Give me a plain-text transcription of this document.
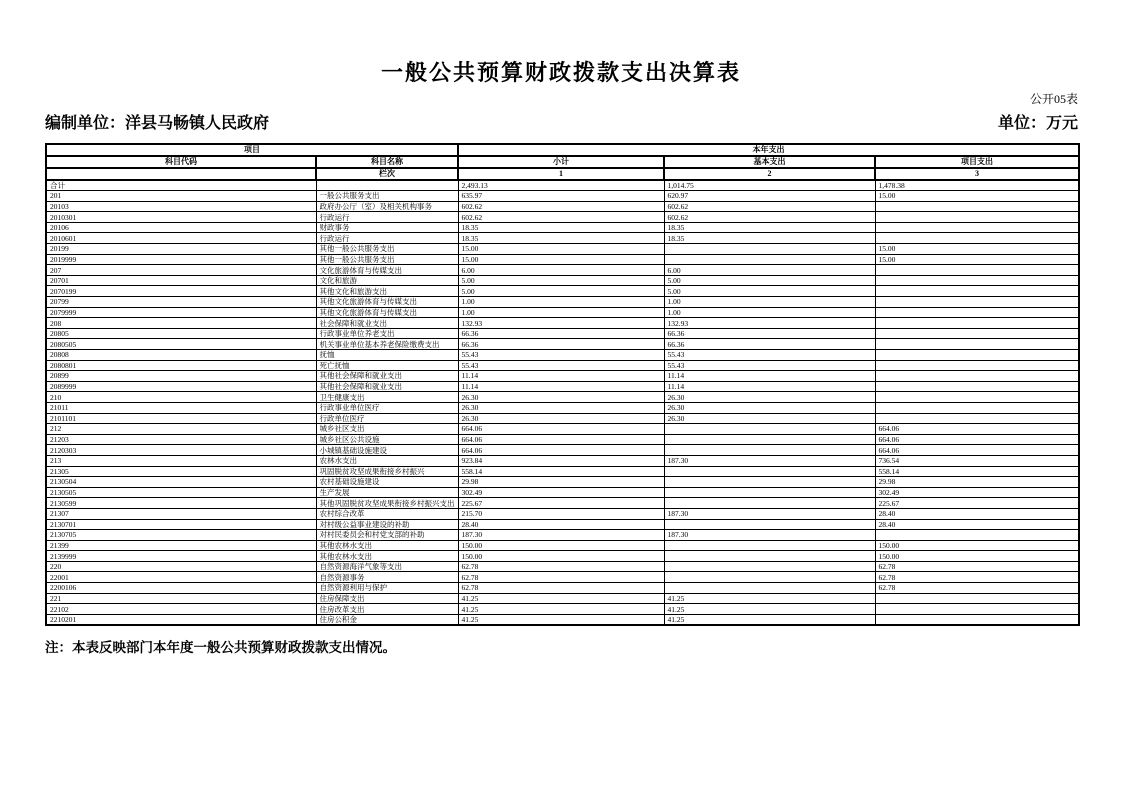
一般公共预算财政拨款支出决算表
公开05表
编制单位：洋县马畅镇人民政府	单位：万元
项目		本年支出		
科目代码	科目名称	小计	基本支出	项目支出
	栏次	1	2	3
合计		2,493.13	1,014.75	1,478.38
201	一般公共服务支出	635.97	620.97	15.00
20103	政府办公厅（室）及相关机构事务	602.62	602.62	
2010301	行政运行	602.62	602.62	
20106	财政事务	18.35	18.35	
2010601	行政运行	18.35	18.35	
20199	其他一般公共服务支出	15.00		15.00
2019999	其他一般公共服务支出	15.00		15.00
207	文化旅游体育与传媒支出	6.00	6.00	
20701	文化和旅游	5.00	5.00	
2070199	其他文化和旅游支出	5.00	5.00	
20799	其他文化旅游体育与传媒支出	1.00	1.00	
2079999	其他文化旅游体育与传媒支出	1.00	1.00	
208	社会保障和就业支出	132.93	132.93	
20805	行政事业单位养老支出	66.36	66.36	
2080505	机关事业单位基本养老保险缴费支出	66.36	66.36	
20808	抚恤	55.43	55.43	
2080801	死亡抚恤	55.43	55.43	
20899	其他社会保障和就业支出	11.14	11.14	
2089999	其他社会保障和就业支出	11.14	11.14	
210	卫生健康支出	26.30	26.30	
21011	行政事业单位医疗	26.30	26.30	
2101101	行政单位医疗	26.30	26.30	
212	城乡社区支出	664.06		664.06
21203	城乡社区公共设施	664.06		664.06
2120303	小城镇基础设施建设	664.06		664.06
213	农林水支出	923.84	187.30	736.54
21305	巩固脱贫攻坚成果衔接乡村振兴	558.14		558.14
2130504	农村基础设施建设	29.98		29.98
2130505	生产发展	302.49		302.49
2130599	其他巩固脱贫攻坚成果衔接乡村振兴支出	225.67		225.67
21307	农村综合改革	215.70	187.30	28.40
2130701	对村级公益事业建设的补助	28.40		28.40
2130705	对村民委员会和村党支部的补助	187.30	187.30	
21399	其他农林水支出	150.00		150.00
2139999	其他农林水支出	150.00		150.00
220	自然资源海洋气象等支出	62.78		62.78
22001	自然资源事务	62.78		62.78
2200106	自然资源利用与保护	62.78		62.78
221	住房保障支出	41.25	41.25	
22102	住房改革支出	41.25	41.25	
2210201	住房公积金	41.25	41.25	
注：本表反映部门本年度一般公共预算财政拨款支出情况。
